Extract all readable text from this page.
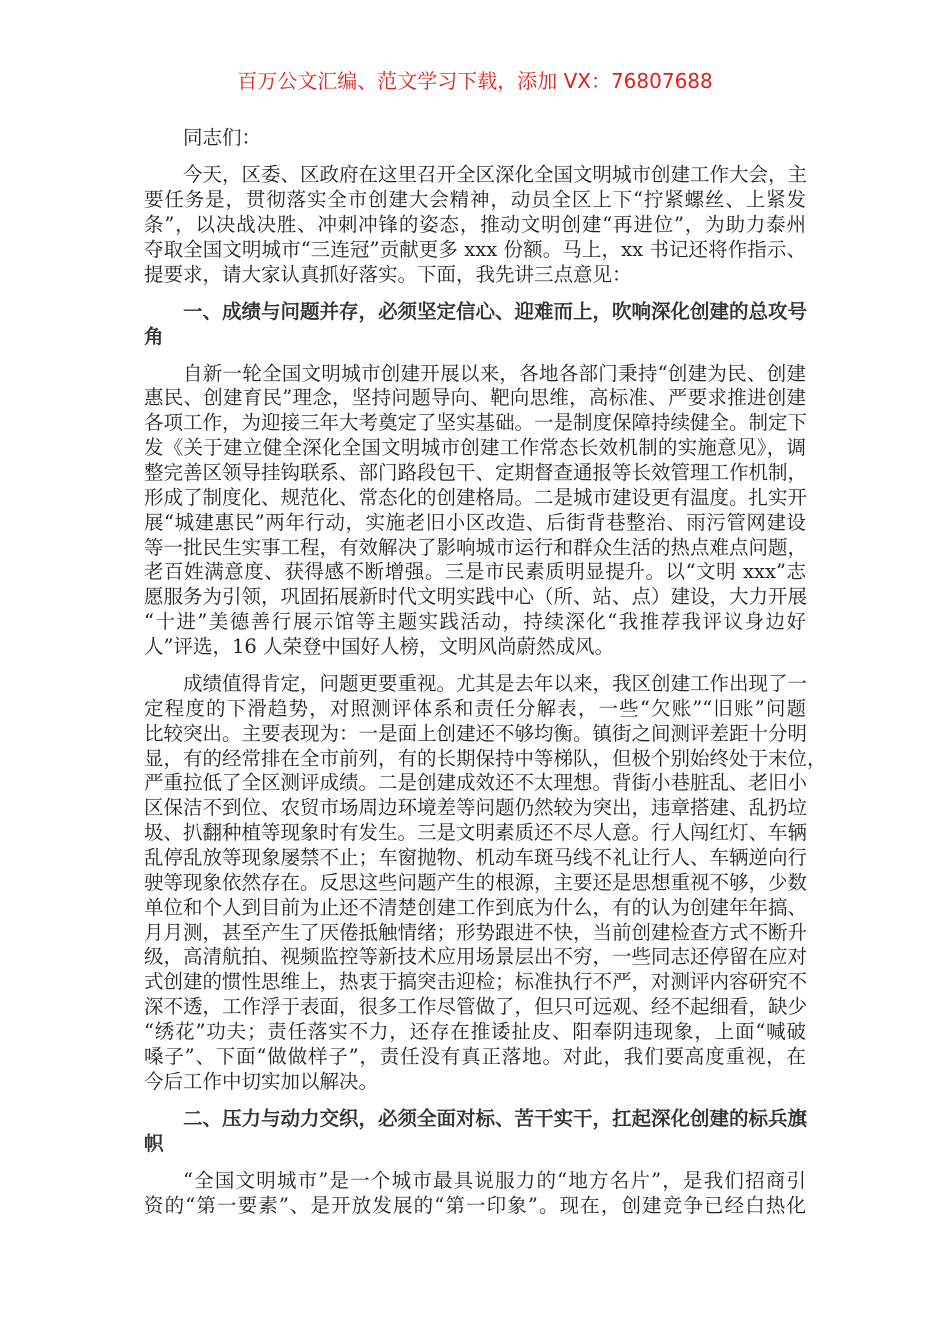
百万公文汇编、范文学习下载，添加 VX：76807688
同志们：
今天，区委、区政府在这里召开全区深化全国文明城市创建工作大会，主
要任务是，贯彻落实全市创建大会精神，动员全区上下“拧紧螺丝、上紧发
条”，以决战决胜、冲刺冲锋的姿态，推动文明创建“再进位”，为助力泰州
夺取全国文明城市“三连冠”贡献更多 xxx 份额。马上，xx 书记还将作指示、
提要求，请大家认真抓好落实。下面，我先讲三点意见：
一、成绩与问题并存，必须坚定信心、迎难而上，吹响深化创建的总攻号
角
自新一轮全国文明城市创建开展以来，各地各部门秉持“创建为民、创建
惠民、创建育民”理念，坚持问题导向、靶向思维，高标准、严要求推进创建
各项工作，为迎接三年大考奠定了坚实基础。一是制度保障持续健全。制定下
发《关于建立健全深化全国文明城市创建工作常态长效机制的实施意见》，调
整完善区领导挂钩联系、部门路段包干、定期督查通报等长效管理工作机制，
形成了制度化、规范化、常态化的创建格局。二是城市建设更有温度。扎实开
展“城建惠民”两年行动，实施老旧小区改造、后街背巷整治、雨污管网建设
等一批民生实事工程，有效解决了影响城市运行和群众生活的热点难点问题，
老百姓满意度、获得感不断增强。三是市民素质明显提升。以“文明 xxx”志
愿服务为引领，巩固拓展新时代文明实践中心（所、站、点）建设，大力开展
“十进”美德善行展示馆等主题实践活动，持续深化“我推荐我评议身边好
人”评选，16 人荣登中国好人榜，文明风尚蔚然成风。
成绩值得肯定，问题更要重视。尤其是去年以来，我区创建工作出现了一
定程度的下滑趋势，对照测评体系和责任分解表，一些“欠账”“旧账”问题
比较突出。主要表现为：一是面上创建还不够均衡。镇街之间测评差距十分明
显，有的经常排在全市前列，有的长期保持中等梯队，但极个别始终处于末位，
严重拉低了全区测评成绩。二是创建成效还不太理想。背街小巷脏乱、老旧小
区保洁不到位、农贸市场周边环境差等问题仍然较为突出，违章搭建、乱扔垃
圾、扒翻种植等现象时有发生。三是文明素质还不尽人意。行人闯红灯、车辆
乱停乱放等现象屡禁不止；车窗抛物、机动车斑马线不礼让行人、车辆逆向行
驶等现象依然存在。反思这些问题产生的根源，主要还是思想重视不够，少数
单位和个人到目前为止还不清楚创建工作到底为什么，有的认为创建年年搞、
月月测，甚至产生了厌倦抵触情绪；形势跟进不快，当前创建检查方式不断升
级，高清航拍、视频监控等新技术应用场景层出不穷，一些同志还停留在应对
式创建的惯性思维上，热衷于搞突击迎检；标准执行不严，对测评内容研究不
深不透，工作浮于表面，很多工作尽管做了，但只可远观、经不起细看，缺少
“绣花”功夫；责任落实不力，还存在推诿扯皮、阳奉阴违现象，上面“喊破
嗓子”、下面“做做样子”，责任没有真正落地。对此，我们要高度重视，在
今后工作中切实加以解决。
二、压力与动力交织，必须全面对标、苦干实干，扛起深化创建的标兵旗
帜
“全国文明城市”是一个城市最具说服力的“地方名片”，是我们招商引
资的“第一要素”、是开放发展的“第一印象”。现在，创建竞争已经白热化
